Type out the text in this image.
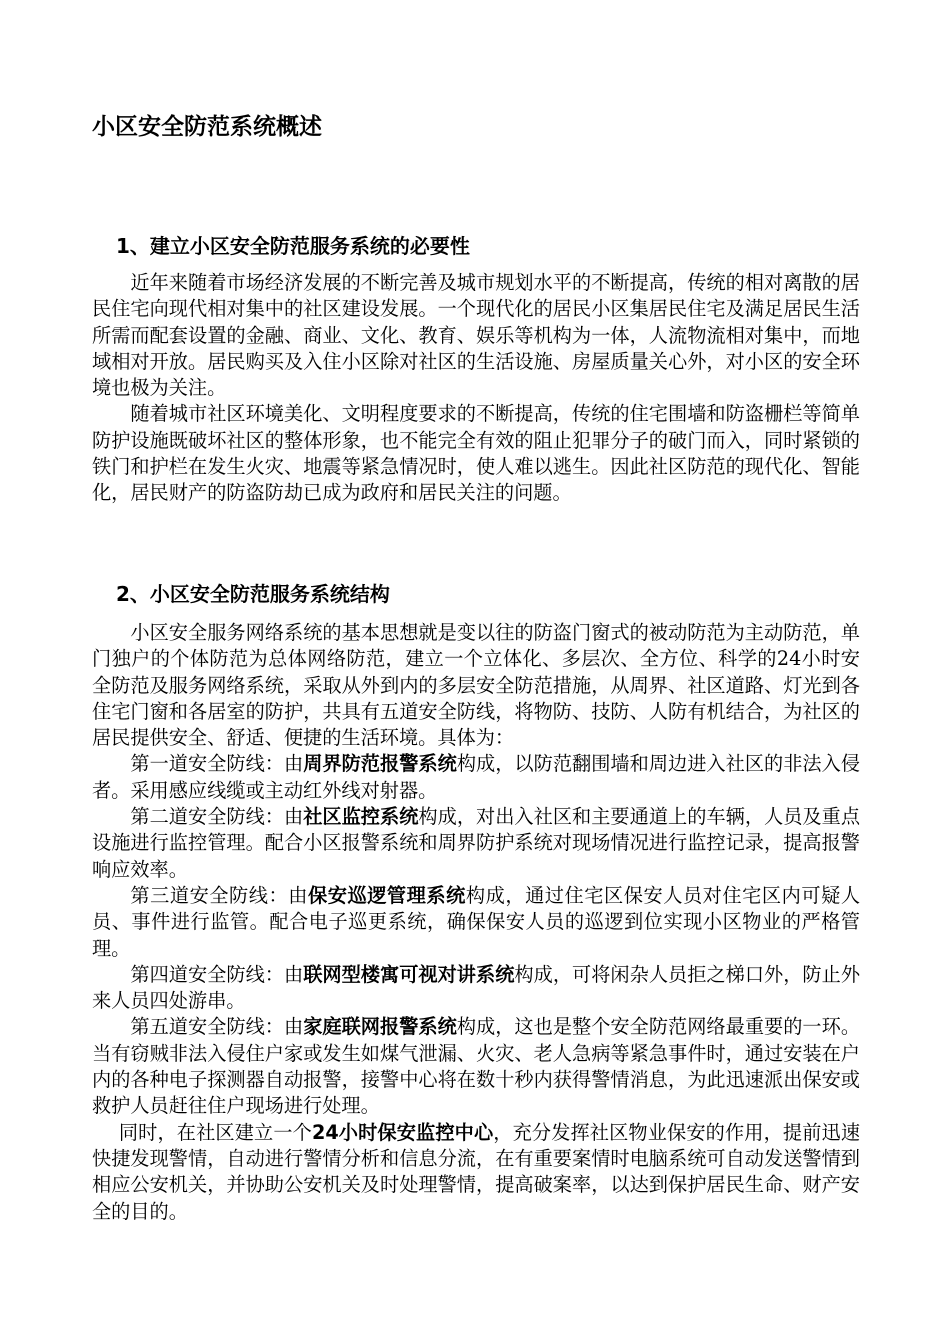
小区安全防范系统概述
1、建立小区安全防范服务系统的必要性

近年来随着市场经济发展的不断完善及城市规划水平的不断提高，传统的相对离散的居民住宅向现代相对集中的社区建设发展。一个现代化的居民小区集居民住宅及满足居民生活所需而配套设置的金融、商业、文化、教育、娱乐等机构为一体，人流物流相对集中，而地域相对开放。居民购买及入住小区除对社区的生活设施、房屋质量关心外，对小区的安全环境也极为关注。

随着城市社区环境美化、文明程度要求的不断提高，传统的住宅围墙和防盗栅栏等简单防护设施既破坏社区的整体形象，也不能完全有效的阻止犯罪分子的破门而入，同时紧锁的铁门和护栏在发生火灾、地震等紧急情况时，使人难以逃生。因此社区防范的现代化、智能化，居民财产的防盗防劫已成为政府和居民关注的问题。

2、小区安全防范服务系统结构

小区安全服务网络系统的基本思想就是变以往的防盗门窗式的被动防范为主动防范，单门独户的个体防范为总体网络防范，建立一个立体化、多层次、全方位、科学的24小时安全防范及服务网络系统，采取从外到内的多层安全防范措施，从周界、社区道路、灯光到各住宅门窗和各居室的防护，共具有五道安全防线，将物防、技防、人防有机结合，为社区的居民提供安全、舒适、便捷的生活环境。具体为：

第一道安全防线：由周界防范报警系统构成，以防范翻围墙和周边进入社区的非法入侵者。采用感应线缆或主动红外线对射器。

第二道安全防线：由社区监控系统构成，对出入社区和主要通道上的车辆，人员及重点设施进行监控管理。配合小区报警系统和周界防护系统对现场情况进行监控记录，提高报警响应效率。

第三道安全防线：由保安巡逻管理系统构成，通过住宅区保安人员对住宅区内可疑人员、事件进行监管。配合电子巡更系统，确保保安人员的巡逻到位实现小区物业的严格管理。

第四道安全防线：由联网型楼寓可视对讲系统构成，可将闲杂人员拒之梯口外，防止外来人员四处游串。

第五道安全防线：由家庭联网报警系统构成，这也是整个安全防范网络最重要的一环。当有窃贼非法入侵住户家或发生如煤气泄漏、火灾、老人急病等紧急事件时，通过安装在户内的各种电子探测器自动报警，接警中心将在数十秒内获得警情消息，为此迅速派出保安或救护人员赶往住户现场进行处理。

同时，在社区建立一个24小时保安监控中心，充分发挥社区物业保安的作用，提前迅速快捷发现警情，自动进行警情分析和信息分流，在有重要案情时电脑系统可自动发送警情到相应公安机关，并协助公安机关及时处理警情，提高破案率，以达到保护居民生命、财产安全的目的。
